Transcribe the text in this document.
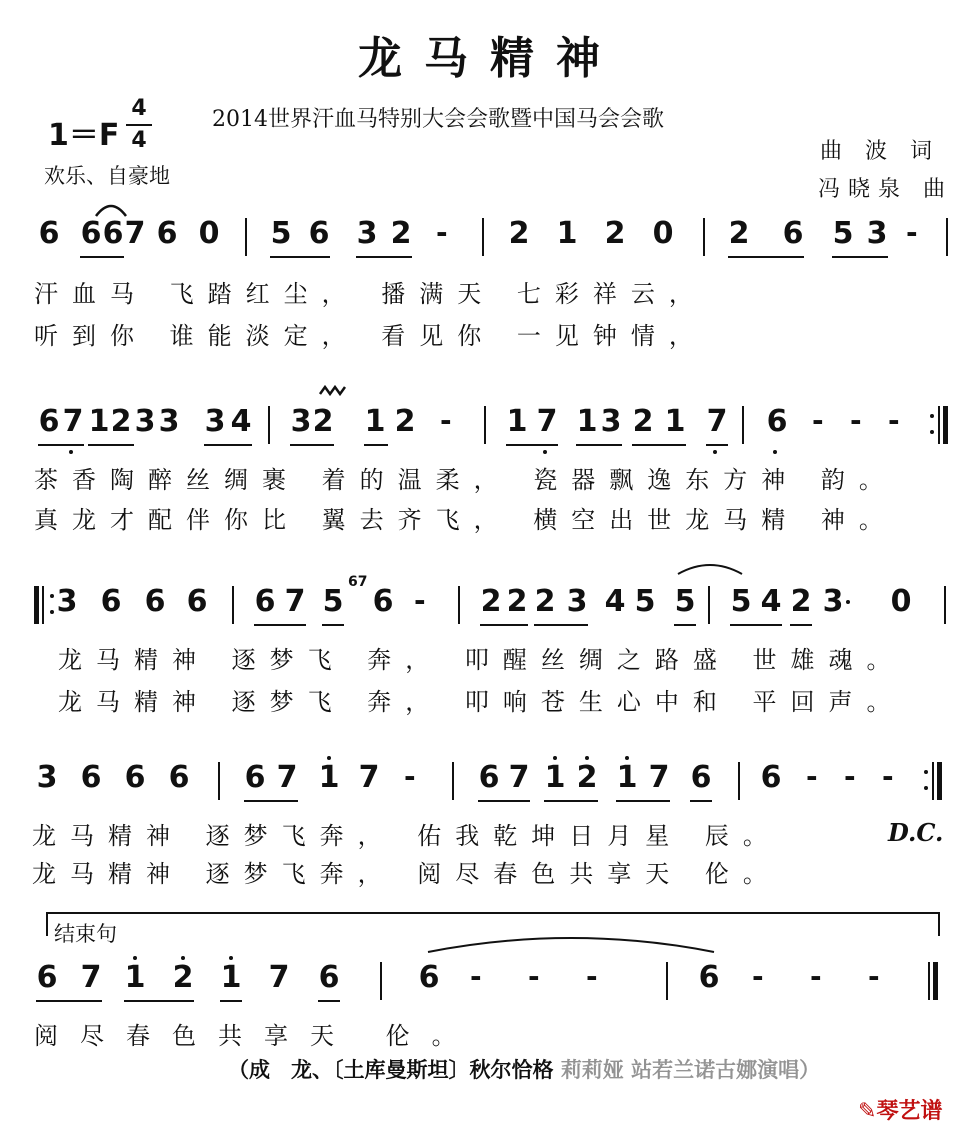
龙马精神
1＝F
4
4
2014世界汗血马特别大会会歌暨中国马会会歌
曲 波 词
冯晓泉 曲
欢乐、自豪地
6 6 6 7 6 0 5 6 3 2 - 2 1 2 0 2 6 5 3 -
汗血马 飞踏红尘， 播满天 七彩祥云，
听到你 谁能淡定， 看见你 一见钟情，
6 7 1 2 3 3 3 4 3 2 1 2 - 1 7 1 3 2 1 7 6 - - -
茶香陶醉丝绸裹 着的温柔， 瓷器飘逸东方神 韵。
真龙才配伴你比 翼去齐飞， 横空出世龙马精 神。
67
3 6 6 6 6 7 5 6 - 2 2 2 3 4 5 5 5 4 2 3 0
龙马精神 逐梦飞 奔， 叩醒丝绸之路盛 世雄魂。
龙马精神 逐梦飞 奔， 叩响苍生心中和 平回声。
3 6 6 6 6 7 1 7 - 6 7 1 2 1 7 6 6 - - -
龙马精神 逐梦飞奔， 佑我乾坤日月星 辰。	D.C.
龙马精神 逐梦飞奔， 阅尽春色共享天 伦。
结束句
6 7 1 2 1 7 6	6 - - -	6 - - -
阅尽春色共享天 伦。
（成　龙、〔土库曼斯坦〕秋尔恰格 莉莉娅 站若兰诺古娜演唱）
✎琴艺谱
